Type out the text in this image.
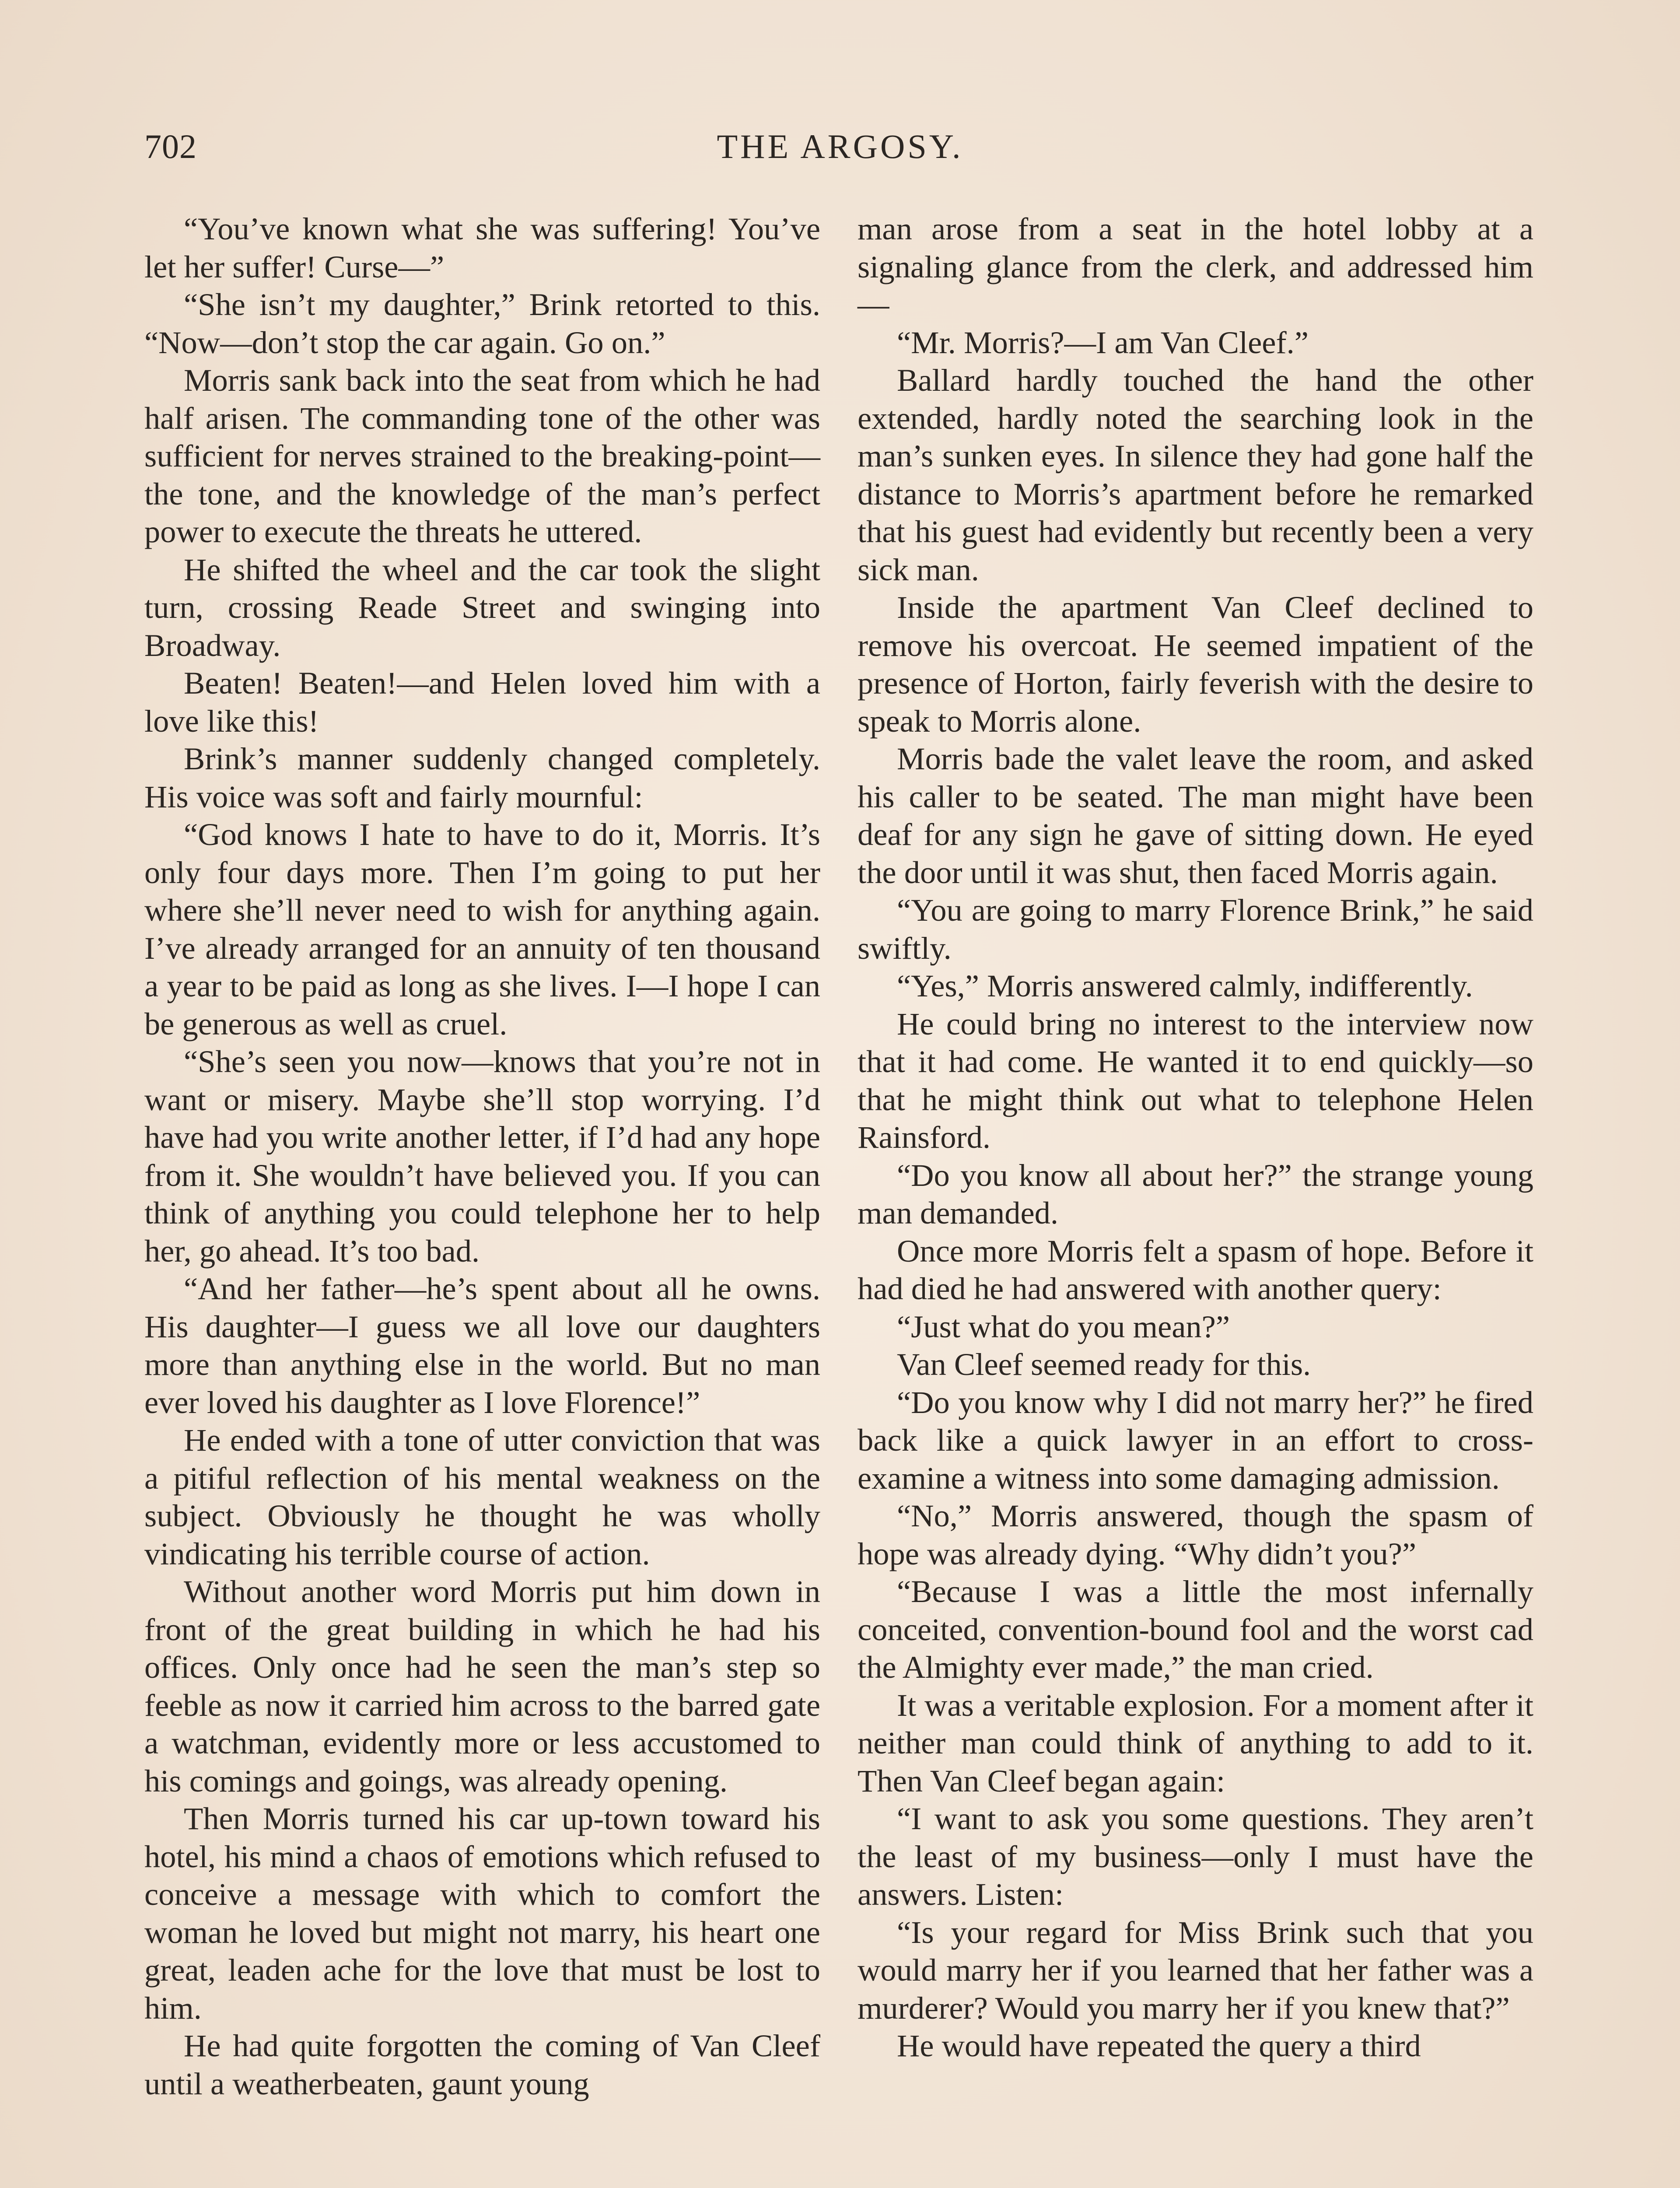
702	THE ARGOSY.

“You’ve known what she was suffering! You’ve let her suffer! Curse—”

“She isn’t my daughter,” Brink retorted to this. “Now—don’t stop the car again. Go on.”

Morris sank back into the seat from which he had half arisen. The commanding tone of the other was sufficient for nerves strained to the breaking-point—the tone, and the knowledge of the man’s perfect power to execute the threats he uttered.

He shifted the wheel and the car took the slight turn, crossing Reade Street and swinging into Broadway.

Beaten! Beaten!—and Helen loved him with a love like this!

Brink’s manner suddenly changed completely. His voice was soft and fairly mournful:

“God knows I hate to have to do it, Morris. It’s only four days more. Then I’m going to put her where she’ll never need to wish for anything again. I’ve already arranged for an annuity of ten thousand a year to be paid as long as she lives. I—I hope I can be generous as well as cruel.

“She’s seen you now—knows that you’re not in want or misery. Maybe she’ll stop worrying. I’d have had you write another letter, if I’d had any hope from it. She wouldn’t have believed you. If you can think of anything you could telephone her to help her, go ahead. It’s too bad.

“And her father—he’s spent about all he owns. His daughter—I guess we all love our daughters more than anything else in the world. But no man ever loved his daughter as I love Florence!”

He ended with a tone of utter conviction that was a pitiful reflection of his mental weakness on the subject. Obviously he thought he was wholly vindicating his terrible course of action.

Without another word Morris put him down in front of the great building in which he had his offices. Only once had he seen the man’s step so feeble as now it carried him across to the barred gate a watchman, evidently more or less accustomed to his comings and goings, was already opening.

Then Morris turned his car up-town toward his hotel, his mind a chaos of emotions which refused to conceive a message with which to comfort the woman he loved but might not marry, his heart one great, leaden ache for the love that must be lost to him.

He had quite forgotten the coming of Van Cleef until a weatherbeaten, gaunt young

man arose from a seat in the hotel lobby at a signaling glance from the clerk, and addressed him—

“Mr. Morris?—I am Van Cleef.”

Ballard hardly touched the hand the other extended, hardly noted the searching look in the man’s sunken eyes. In silence they had gone half the distance to Morris’s apartment before he remarked that his guest had evidently but recently been a very sick man.

Inside the apartment Van Cleef declined to remove his overcoat. He seemed impatient of the presence of Horton, fairly feverish with the desire to speak to Morris alone.

Morris bade the valet leave the room, and asked his caller to be seated. The man might have been deaf for any sign he gave of sitting down. He eyed the door until it was shut, then faced Morris again.

“You are going to marry Florence Brink,” he said swiftly.

“Yes,” Morris answered calmly, indifferently.

He could bring no interest to the interview now that it had come. He wanted it to end quickly—so that he might think out what to telephone Helen Rainsford.

“Do you know all about her?” the strange young man demanded.

Once more Morris felt a spasm of hope. Before it had died he had answered with another query:

“Just what do you mean?”

Van Cleef seemed ready for this.

“Do you know why I did not marry her?” he fired back like a quick lawyer in an effort to cross-examine a witness into some damaging admission.

“No,” Morris answered, though the spasm of hope was already dying. “Why didn’t you?”

“Because I was a little the most infernally conceited, convention-bound fool and the worst cad the Almighty ever made,” the man cried.

It was a veritable explosion. For a moment after it neither man could think of anything to add to it. Then Van Cleef began again:

“I want to ask you some questions. They aren’t the least of my business—only I must have the answers. Listen:

“Is your regard for Miss Brink such that you would marry her if you learned that her father was a murderer? Would you marry her if you knew that?”

He would have repeated the query a third
